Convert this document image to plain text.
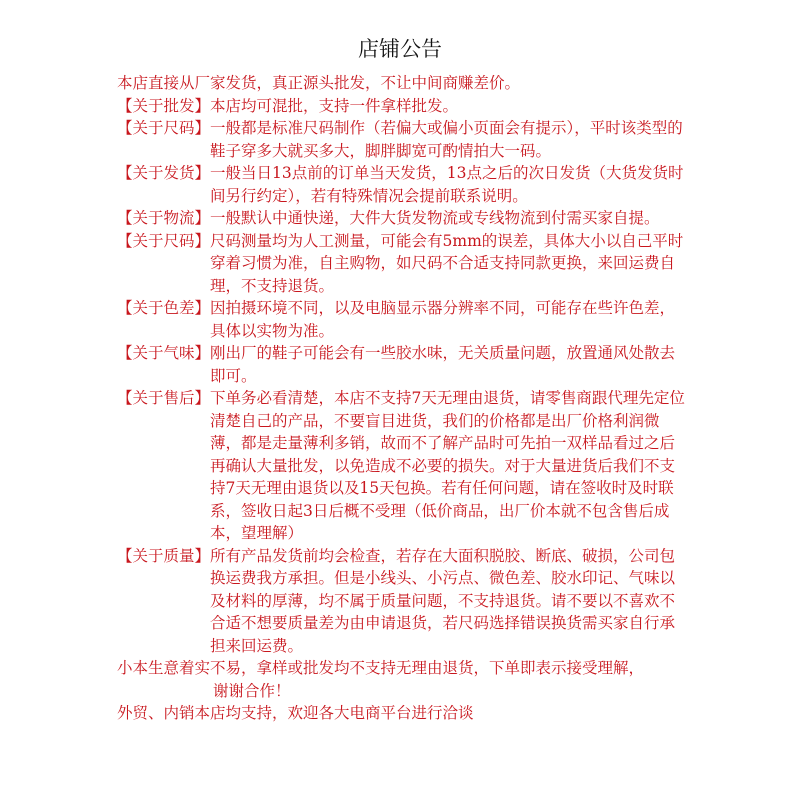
店铺公告
本店直接从厂家发货，真正源头批发，不让中间商赚差价。
【关于批发】 本店均可混批，支持一件拿样批发。
【关于尺码】 一般都是标准尺码制作（若偏大或偏小页面会有提示），平时该类型的鞋子穿多大就买多大，脚胖脚宽可酌情拍大一码。
【关于发货】 一般当日13点前的订单当天发货，13点之后的次日发货（大货发货时间另行约定），若有特殊情况会提前联系说明。
【关于物流】 一般默认中通快递，大件大货发物流或专线物流到付需买家自提。
【关于尺码】 尺码测量均为人工测量，可能会有5mm的误差，具体大小以自己平时穿着习惯为准，自主购物，如尺码不合适支持同款更换，来回运费自理，不支持退货。
【关于色差】 因拍摄环境不同，以及电脑显示器分辨率不同，可能存在些许色差，具体以实物为准。
【关于气味】 刚出厂的鞋子可能会有一些胶水味，无关质量问题，放置通风处散去即可。
【关于售后】 下单务必看清楚，本店不支持7天无理由退货，请零售商跟代理先定位清楚自己的产品，不要盲目进货，我们的价格都是出厂价格利润微薄，都是走量薄利多销，故而不了解产品时可先拍一双样品看过之后再确认大量批发，以免造成不必要的损失。对于大量进货后我们不支持7天无理由退货以及15天包换。若有任何问题，请在签收时及时联系，签收日起3日后概不受理（低价商品，出厂价本就不包含售后成本，望理解）
【关于质量】 所有产品发货前均会检查，若存在大面积脱胶、断底、破损，公司包换运费我方承担。但是小线头、小污点、微色差、胶水印记、气味以及材料的厚薄，均不属于质量问题，不支持退货。请不要以不喜欢不合适不想要质量差为由申请退货，若尺码选择错误换货需买家自行承担来回运费。
小本生意着实不易，拿样或批发均不支持无理由退货，下单即表示接受理解，
谢谢合作！
外贸、内销本店均支持，欢迎各大电商平台进行洽谈
